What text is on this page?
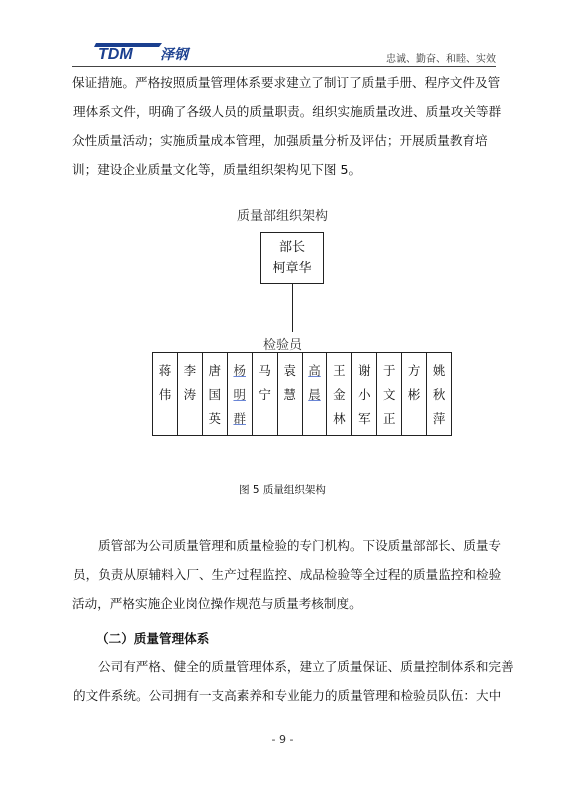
TDM 泽钢	忠诚、勤奋、和睦、实效
保证措施。严格按照质量管理体系要求建立了制订了质量手册、程序文件及管
理体系文件，明确了各级人员的质量职责。组织实施质量改进、质量攻关等群
众性质量活动；实施质量成本管理，加强质量分析及评估；开展质量教育培
训；建设企业质量文化等，质量组织架构见下图 5。
质量部组织架构
部长
柯章华
检验员
蒋
伟
李
涛
唐
国
英
杨
明
群
马
宁
袁
慧
高
晨
王
金
林
谢
小
军
于
文
正
方
彬
姚
秋
萍
图 5 质量组织架构
质管部为公司质量管理和质量检验的专门机构。下设质量部部长、质量专
员，负责从原辅料入厂、生产过程监控、成品检验等全过程的质量监控和检验
活动，严格实施企业岗位操作规范与质量考核制度。
（二）质量管理体系
公司有严格、健全的质量管理体系，建立了质量保证、质量控制体系和完善
的文件系统。公司拥有一支高素养和专业能力的质量管理和检验员队伍：大中
- 9 -
